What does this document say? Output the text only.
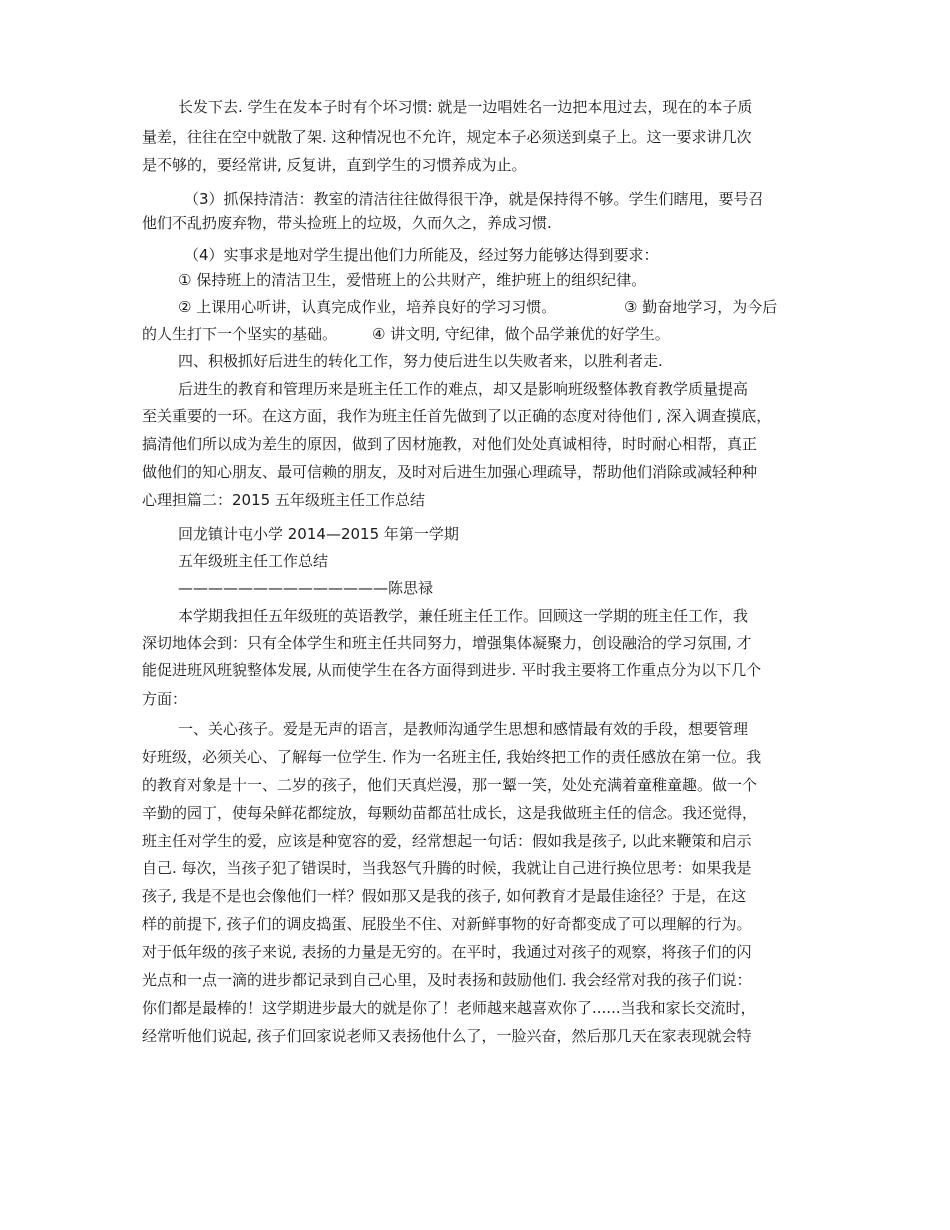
长发下去. 学生在发本子时有个坏习惯: 就是一边唱姓名一边把本甩过去，现在的本子质
量差，往往在空中就散了架. 这种情况也不允许，规定本子必须送到桌子上。这一要求讲几次
是不够的，要经常讲, 反复讲，直到学生的习惯养成为止。
（3）抓保持清洁：教室的清洁往往做得很干净，就是保持得不够。学生们瞎甩，要号召
他们不乱扔废弃物，带头捡班上的垃圾，久而久之，养成习惯.
（4）实事求是地对学生提出他们力所能及，经过努力能够达得到要求：
① 保持班上的清洁卫生，爱惜班上的公共财产，维护班上的组织纪律。
② 上课用心听讲，认真完成作业，培养良好的学习习惯。	③ 勤奋地学习，为今后
的人生打下一个坚实的基础。 ④ 讲文明, 守纪律，做个品学兼优的好学生。
四、积极抓好后进生的转化工作，努力使后进生以失败者来，以胜利者走.
后进生的教育和管理历来是班主任工作的难点，却又是影响班级整体教育教学质量提高
至关重要的一环。在这方面，我作为班主任首先做到了以正确的态度对待他们 , 深入调查摸底，
搞清他们所以成为差生的原因，做到了因材施教，对他们处处真诚相待，时时耐心相帮，真正
做他们的知心朋友、最可信赖的朋友，及时对后进生加强心理疏导，帮助他们消除或减轻种种
心理担篇二：2015 五年级班主任工作总结
回龙镇计屯小学 2014—2015 年第一学期
五年级班主任工作总结
——————————————陈思禄
本学期我担任五年级班的英语教学，兼任班主任工作。回顾这一学期的班主任工作，我
深切地体会到：只有全体学生和班主任共同努力，增强集体凝聚力，创设融洽的学习氛围, 才
能促进班风班貌整体发展, 从而使学生在各方面得到进步. 平时我主要将工作重点分为以下几个
方面：
一、关心孩子。爱是无声的语言，是教师沟通学生思想和感情最有效的手段，想要管理
好班级，必须关心、了解每一位学生. 作为一名班主任, 我始终把工作的责任感放在第一位。我
的教育对象是十一、二岁的孩子，他们天真烂漫，那一颦一笑，处处充满着童稚童趣。做一个
辛勤的园丁，使每朵鲜花都绽放，每颗幼苗都茁壮成长，这是我做班主任的信念。我还觉得，
班主任对学生的爱，应该是种宽容的爱，经常想起一句话：假如我是孩子, 以此来鞭策和启示
自己. 每次，当孩子犯了错误时，当我怒气升腾的时候，我就让自己进行换位思考：如果我是
孩子, 我是不是也会像他们一样？假如那又是我的孩子, 如何教育才是最佳途径？于是，在这
样的前提下, 孩子们的调皮捣蛋、屁股坐不住、对新鲜事物的好奇都变成了可以理解的行为。
对于低年级的孩子来说, 表扬的力量是无穷的。在平时，我通过对孩子的观察，将孩子们的闪
光点和一点一滴的进步都记录到自己心里，及时表扬和鼓励他们. 我会经常对我的孩子们说：
你们都是最棒的！这学期进步最大的就是你了！老师越来越喜欢你了......当我和家长交流时，
经常听他们说起, 孩子们回家说老师又表扬他什么了，一脸兴奋，然后那几天在家表现就会特
